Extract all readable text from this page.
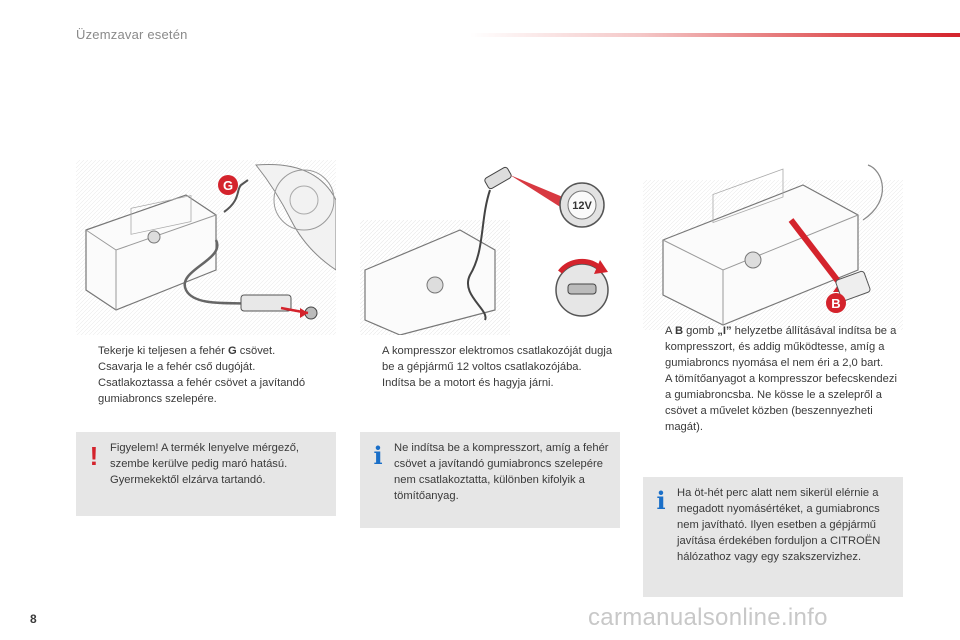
Üzemzavar esetén
G
12V
B

Tekerje ki teljesen a fehér G csövet.

Csavarja le a fehér cső dugóját.

Csatlakoztassa a fehér csövet a javítandó gumiabroncs szelepére.

A kompresszor elektromos csatlakozóját dugja be a gépjármű 12 voltos csatlakozójába.

Indítsa be a motort és hagyja járni.

A B gomb „I” helyzetbe állításával indítsa be a kompresszort, és addig működtesse, amíg a gumiabroncs nyomása el nem éri a 2,0 bart.

A tömítőanyagot a kompresszor befecskendezi a gumiabroncsba. Ne kösse le a szelepről a csövet a művelet közben (beszennyezheti magát).

!	Figyelem! A termék lenyelve mérgező, szembe kerülve pedig maró hatású. Gyermekektől elzárva tartandó.
i	Ne indítsa be a kompresszort, amíg a fehér csövet a javítandó gumiabroncs szelepére nem csatlakoztatta, különben kifolyik a tömítőanyag.	i	Ha öt-hét perc alatt nem sikerül elérnie a megadott nyomásértéket, a gumiabroncs nem javítható. Ilyen esetben a gépjármű javítása érdekében forduljon a CITROËN hálózathoz vagy egy szakszervizhez.
8	carmanualsonline.info
